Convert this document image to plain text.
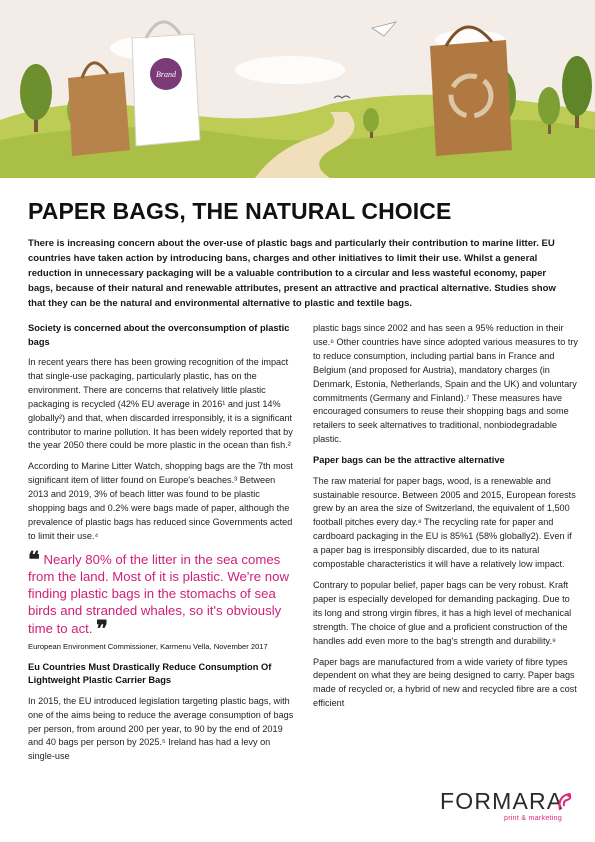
Brand
PAPER BAGS, THE NATURAL CHOICE

There is increasing concern about the over-use of plastic bags and particularly their contribution to marine litter. EU countries have taken action by introducing bans, charges and other initiatives to limit their use. Whilst a general reduction in unnecessary packaging will be a valuable contribution to a circular and less wasteful economy, paper bags, because of their natural and renewable attributes, present an attractive and practical alternative. Studies show that they can be the natural and environmental alternative to plastic and textile bags.

Society is concerned about the overconsumption of plastic bags

In recent years there has been growing recognition of the impact that single-use packaging, particularly plastic, has on the environment. There are concerns that relatively little plastic packaging is recycled (42% EU average in 2016¹ and just 14% globally²) and that, when discarded irresponsibly, it is a significant contributor to marine pollution. It has been widely reported that by the year 2050 there could be more plastic in the ocean than fish.²

According to Marine Litter Watch, shopping bags are the 7th most significant item of litter found on Europe's beaches.³ Between 2013 and 2019, 3% of beach litter was found to be plastic shopping bags and 0.2% were bags made of paper, although the prevalence of plastic bags has reduced since Governments acted to limit their use.⁴

❝ Nearly 80% of the litter in the sea comes from the land. Most of it is plastic. We're now finding plastic bags in the stomachs of sea birds and stranded whales, so it's obviously time to act. ❞

European Environment Commissioner, Karmenu Vella, November 2017

Eu Countries Must Drastically Reduce Consumption Of Lightweight Plastic Carrier Bags

In 2015, the EU introduced legislation targeting plastic bags, with one of the aims being to reduce the average consumption of bags per person, from around 200 per year, to 90 by the end of 2019 and 40 bags per person by 2025.⁵ Ireland has had a levy on single-use

plastic bags since 2002 and has seen a 95% reduction in their use.⁶ Other countries have since adopted various measures to try to reduce consumption, including partial bans in France and Belgium (and proposed for Austria), mandatory charges (in Denmark, Estonia, Netherlands, Spain and the UK) and voluntary commitments (Germany and Finland).⁷ These measures have encouraged consumers to reuse their shopping bags and some retailers to seek alternatives to traditional, nonbiodegradable plastic.

Paper bags can be the attractive alternative

The raw material for paper bags, wood, is a renewable and sustainable resource. Between 2005 and 2015, European forests grew by an area the size of Switzerland, the equivalent of 1,500 football pitches every day.⁸ The recycling rate for paper and cardboard packaging in the EU is 85%1 (58% globally2). Even if a paper bag is irresponsibly discarded, due to its natural compostable characteristics it will have a relatively low impact.

Contrary to popular belief, paper bags can be very robust. Kraft paper is especially developed for demanding packaging. Due to its long and strong virgin fibres, it has a high level of mechanical strength. The choice of glue and a proficient construction of the handles add even more to the bag's strength and durability.⁹

Paper bags are manufactured from a wide variety of fibre types dependent on what they are being designed to carry. Paper bags made of recycled or, a hybrid of new and recycled fibre are a cost efficient

FORMARA
print & marketing
